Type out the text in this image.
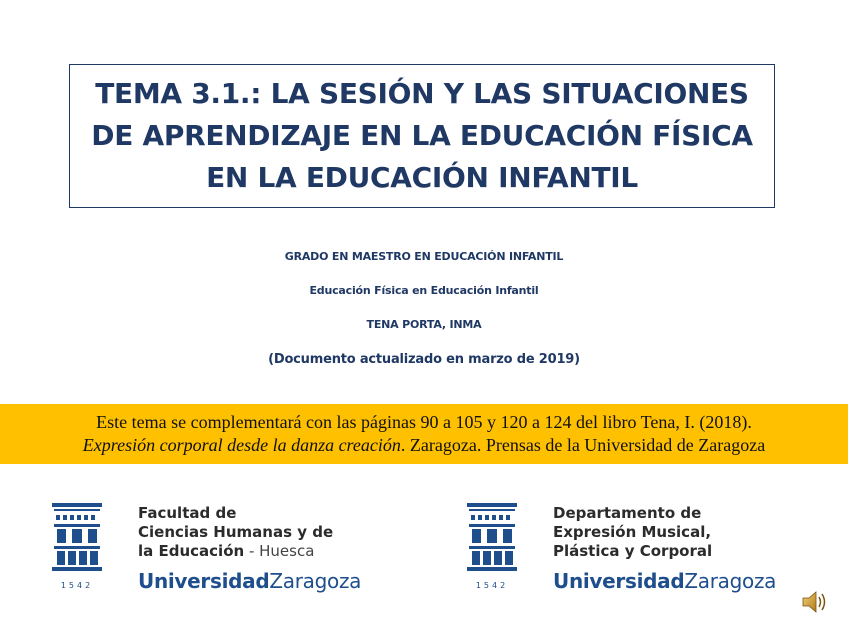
TEMA 3.1.: LA SESIÓN Y LAS SITUACIONES
DE APRENDIZAJE EN LA EDUCACIÓN FÍSICA
EN LA EDUCACIÓN INFANTIL
GRADO EN MAESTRO EN EDUCACIÓN INFANTIL
Educación Física en Educación Infantil
TENA PORTA, INMA
(Documento actualizado en marzo de 2019)
Este tema se complementará con las páginas 90 a 105 y 120 a 124 del libro Tena, I. (2018).
Expresión corporal desde la danza creación. Zaragoza. Prensas de la Universidad de Zaragoza
1542
Facultad de
Ciencias Humanas y de
la Educación - Huesca
UniversidadZaragoza	1542
Departamento de
Expresión Musical,
Plástica y Corporal
UniversidadZaragoza
